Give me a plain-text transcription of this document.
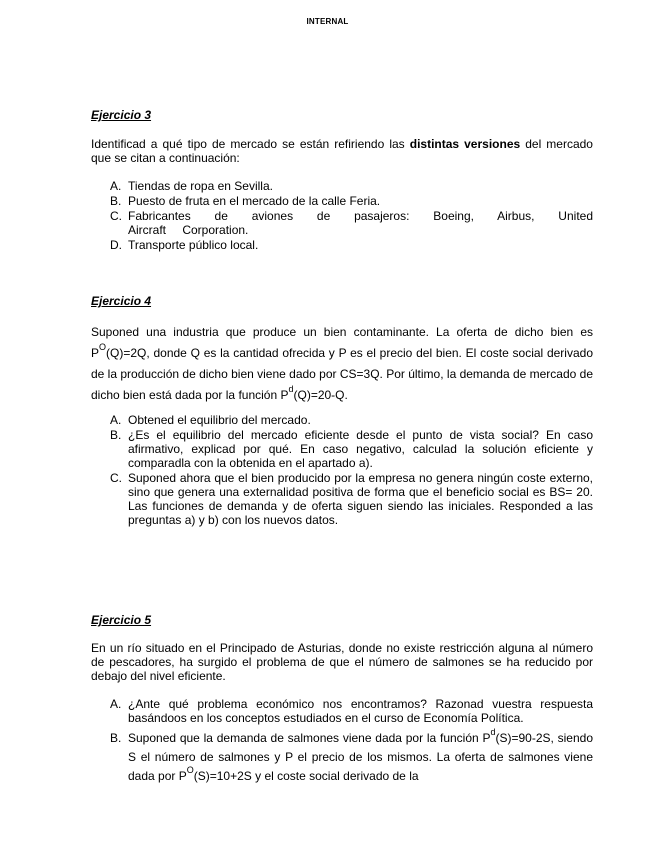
INTERNAL
Ejercicio 3
Identificad a qué tipo de mercado se están refiriendo las distintas versiones del mercado que se citan a continuación:
A. Tiendas de ropa en Sevilla.
B. Puesto de fruta en el mercado de la calle Feria.
C. Fabricantes de aviones de pasajeros: Boeing, Airbus, United Aircraft Corporation.
D. Transporte público local.
Ejercicio 4
Suponed una industria que produce un bien contaminante. La oferta de dicho bien es $P^O(Q)=2Q$, donde Q es la cantidad ofrecida y P es el precio del bien. El coste social derivado de la producción de dicho bien viene dado por CS=3Q. Por último, la demanda de mercado de dicho bien está dada por la función $P^d(Q)=20-Q$.
A. Obtened el equilibrio del mercado.
B. ¿Es el equilibrio del mercado eficiente desde el punto de vista social? En caso afirmativo, explicad por qué. En caso negativo, calculad la solución eficiente y comparadla con la obtenida en el apartado a).
C. Suponed ahora que el bien producido por la empresa no genera ningún coste externo, sino que genera una externalidad positiva de forma que el beneficio social es BS= 20. Las funciones de demanda y de oferta siguen siendo las iniciales. Responded a las preguntas a) y b) con los nuevos datos.
Ejercicio 5
En un río situado en el Principado de Asturias, donde no existe restricción alguna al número de pescadores, ha surgido el problema de que el número de salmones se ha reducido por debajo del nivel eficiente.
A. ¿Ante qué problema económico nos encontramos? Razonad vuestra respuesta basándoos en los conceptos estudiados en el curso de Economía Política.
B. Suponed que la demanda de salmones viene dada por la función $P^d(S)=90-2S$, siendo S el número de salmones y P el precio de los mismos. La oferta de salmones viene dada por $P^O(S)=10+2S$ y el coste social derivado de la
